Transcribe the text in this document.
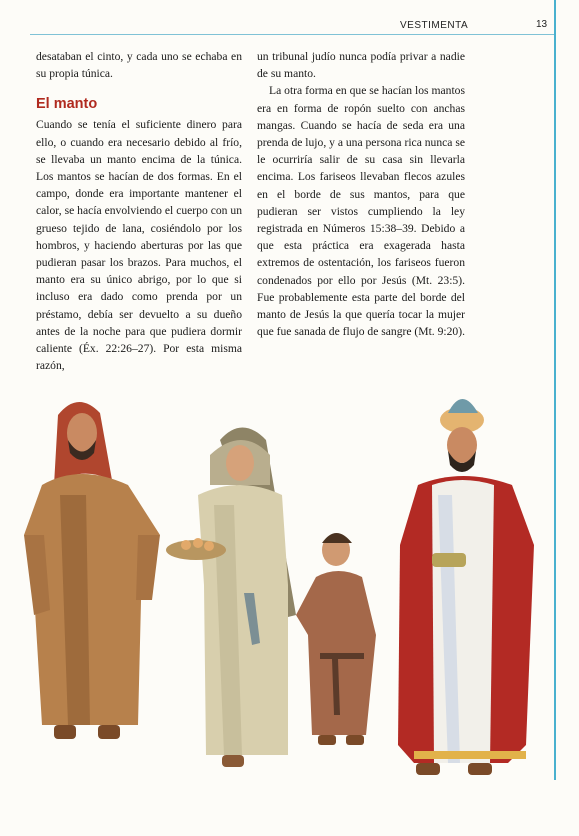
VESTIMENTA	13

desataban el cinto, y cada uno se echaba en su propia túnica.

El manto

Cuando se tenía el suficiente dinero para ello, o cuando era necesario debido al frío, se llevaba un manto encima de la túnica. Los mantos se hacían de dos formas. En el campo, donde era importante mantener el calor, se hacía envolviendo el cuerpo con un grueso tejido de lana, cosiéndolo por los hombros, y haciendo aberturas por las que pudieran pasar los brazos. Para muchos, el manto era su único abrigo, por lo que si incluso era dado como prenda por un préstamo, debía ser devuelto a su dueño antes de la noche para que pudiera dormir caliente (Éx. 22:26–27). Por esta misma razón,

un tribunal judío nunca podía privar a nadie de su manto.

La otra forma en que se hacían los mantos era en forma de ropón suelto con anchas mangas. Cuando se hacía de seda era una prenda de lujo, y a una persona rica nunca se le ocurriría salir de su casa sin llevarla encima. Los fariseos llevaban flecos azules en el borde de sus mantos, para que pudieran ser vistos cumpliendo la ley registrada en Números 15:38–39. Debido a que esta práctica era exagerada hasta extremos de ostentación, los fariseos fueron condenados por ello por Jesús (Mt. 23:5). Fue probablemente esta parte del borde del manto de Jesús la que quería tocar la mujer que fue sanada de flujo de sangre (Mt. 9:20).
